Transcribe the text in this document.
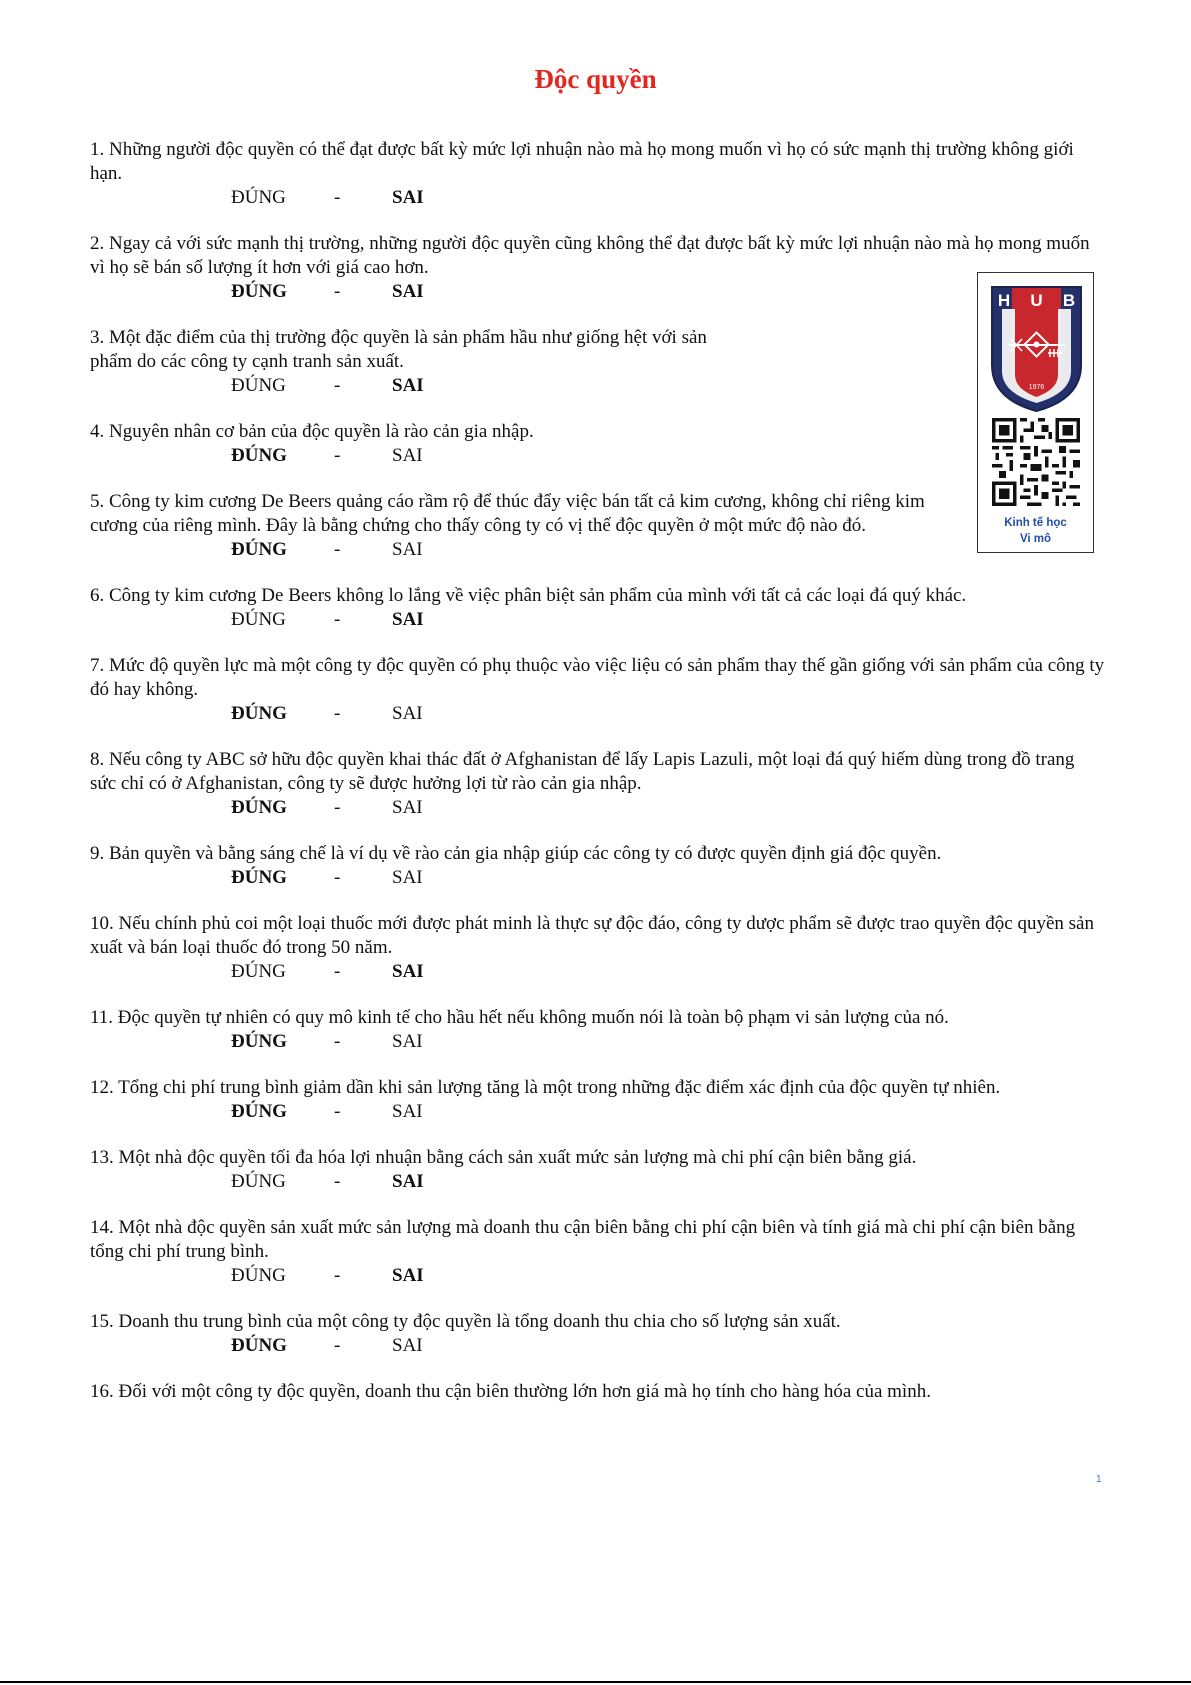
Độc quyền
1. Những người độc quyền có thể đạt được bất kỳ mức lợi nhuận nào mà họ mong muốn vì họ có sức mạnh thị trường không giới hạn.
ĐÚNG	-	SAI
2. Ngay cả với sức mạnh thị trường, những người độc quyền cũng không thể đạt được bất kỳ mức lợi nhuận nào mà họ mong muốn vì họ sẽ bán số lượng ít hơn với giá cao hơn.
ĐÚNG -	SAI
3. Một đặc điểm của thị trường độc quyền là sản phẩm hầu như giống hệt với sản phẩm do các công ty cạnh tranh sản xuất.
ĐÚNG	-	SAI
4. Nguyên nhân cơ bản của độc quyền là rào cản gia nhập.
ĐÚNG -	SAI
5. Công ty kim cương De Beers quảng cáo rầm rộ để thúc đẩy việc bán tất cả kim cương, không chỉ riêng kim cương của riêng mình. Đây là bằng chứng cho thấy công ty có vị thế độc quyền ở một mức độ nào đó.
ĐÚNG -	SAI
6. Công ty kim cương De Beers không lo lắng về việc phân biệt sản phẩm của mình với tất cả các loại đá quý khác.
ĐÚNG	-	SAI
7. Mức độ quyền lực mà một công ty độc quyền có phụ thuộc vào việc liệu có sản phẩm thay thế gần giống với sản phẩm của công ty đó hay không.
ĐÚNG -	SAI
8. Nếu công ty ABC sở hữu độc quyền khai thác đất ở Afghanistan để lấy Lapis Lazuli, một loại đá quý hiếm dùng trong đồ trang sức chỉ có ở Afghanistan, công ty sẽ được hưởng lợi từ rào cản gia nhập.
ĐÚNG -	SAI
9. Bản quyền và bằng sáng chế là ví dụ về rào cản gia nhập giúp các công ty có được quyền định giá độc quyền.
ĐÚNG -	SAI
10. Nếu chính phủ coi một loại thuốc mới được phát minh là thực sự độc đáo, công ty dược phẩm sẽ được trao quyền độc quyền sản xuất và bán loại thuốc đó trong 50 năm.
ĐÚNG	-	SAI
11. Độc quyền tự nhiên có quy mô kinh tế cho hầu hết nếu không muốn nói là toàn bộ phạm vi sản lượng của nó.
ĐÚNG -	SAI
12. Tổng chi phí trung bình giảm dần khi sản lượng tăng là một trong những đặc điểm xác định của độc quyền tự nhiên.
ĐÚNG -	SAI
13. Một nhà độc quyền tối đa hóa lợi nhuận bằng cách sản xuất mức sản lượng mà chi phí cận biên bằng giá.
ĐÚNG	-	SAI
14. Một nhà độc quyền sản xuất mức sản lượng mà doanh thu cận biên bằng chi phí cận biên và tính giá mà chi phí cận biên bằng tổng chi phí trung bình.
ĐÚNG	-	SAI
15. Doanh thu trung bình của một công ty độc quyền là tổng doanh thu chia cho số lượng sản xuất.
ĐÚNG -	SAI
16. Đối với một công ty độc quyền, doanh thu cận biên thường lớn hơn giá mà họ tính cho hàng hóa của mình.
H U B
1976
Kinh tế học
Vi mô
1
